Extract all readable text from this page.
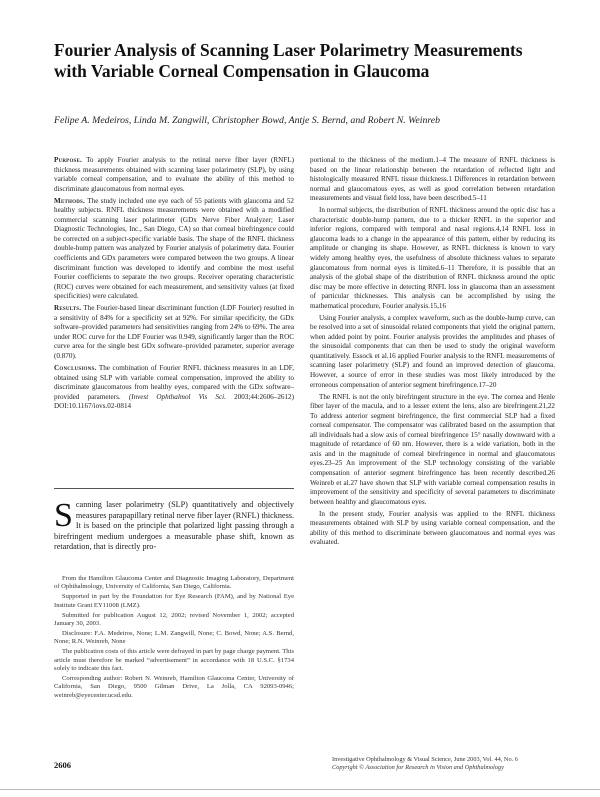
Fourier Analysis of Scanning Laser Polarimetry Measurements with Variable Corneal Compensation in Glaucoma

Felipe A. Medeiros, Linda M. Zangwill, Christopher Bowd, Antje S. Bernd, and Robert N. Weinreb

Purpose. To apply Fourier analysis to the retinal nerve fiber layer (RNFL) thickness measurements obtained with scanning laser polarimetry (SLP), by using variable corneal compensation, and to evaluate the ability of this method to discriminate glaucomatous from normal eyes.

Methods. The study included one eye each of 55 patients with glaucoma and 52 healthy subjects. RNFL thickness measurements were obtained with a modified commercial scanning laser polarimeter (GDx Nerve Fiber Analyzer; Laser Diagnostic Technologies, Inc., San Diego, CA) so that corneal birefringence could be corrected on a subject-specific variable basis. The shape of the RNFL thickness double-hump pattern was analyzed by Fourier analysis of polarimetry data. Fourier coefficients and GDx parameters were compared between the two groups. A linear discriminant function was developed to identify and combine the most useful Fourier coefficients to separate the two groups. Receiver operating characteristic (ROC) curves were obtained for each measurement, and sensitivity values (at fixed specificities) were calculated.

Results. The Fourier-based linear discriminant function (LDF Fourier) resulted in a sensitivity of 84% for a specificity set at 92%. For similar specificity, the GDx software–provided parameters had sensitivities ranging from 24% to 69%. The area under ROC curve for the LDF Fourier was 0.949, significantly larger than the ROC curve area for the single best GDx software–provided parameter, superior average (0.870).

Conclusions. The combination of Fourier RNFL thickness measures in an LDF, obtained using SLP with variable corneal compensation, improved the ability to discriminate glaucomatous from healthy eyes, compared with the GDx software–provided parameters. (Invest Ophthalmol Vis Sci. 2003;44:2606–2612) DOI:10.1167/iovs.02-0814

Scanning laser polarimetry (SLP) quantitatively and objectively measures parapapillary retinal nerve fiber layer (RNFL) thickness. It is based on the principle that polarized light passing through a birefringent medium undergoes a measurable phase shift, known as retardation, that is directly pro-

From the Hamilton Glaucoma Center and Diagnostic Imaging Laboratory, Department of Ophthalmology, University of California, San Diego, California.

Supported in part by the Foundation for Eye Research (FAM), and by National Eye Institute Grant EY11008 (LMZ).

Submitted for publication August 12, 2002; revised November 1, 2002; accepted January 30, 2003.

Disclosure: F.A. Medeiros, None; L.M. Zangwill, None; C. Bowd, None; A.S. Bernd, None; R.N. Weinreb, None

The publication costs of this article were defrayed in part by page charge payment. This article must therefore be marked “advertisement” in accordance with 18 U.S.C. §1734 solely to indicate this fact.

Corresponding author: Robert N. Weinreb, Hamilton Glaucoma Center, University of California, San Diego, 9500 Gilman Drive, La Jolla, CA 92093-0946; weinreb@eyecenter.ucsd.edu.

portional to the thickness of the medium.1–4 The measure of RNFL thickness is based on the linear relationship between the retardation of reflected light and histologically measured RNFL tissue thickness.1 Differences in retardation between normal and glaucomatous eyes, as well as good correlation between retardation measurements and visual field loss, have been described.5–11

In normal subjects, the distribution of RNFL thickness around the optic disc has a characteristic double-hump pattern, due to a thicker RNFL in the superior and inferior regions, compared with temporal and nasal regions.4,14 RNFL loss in glaucoma leads to a change in the appearance of this pattern, either by reducing its amplitude or changing its shape. However, as RNFL thickness is known to vary widely among healthy eyes, the usefulness of absolute thickness values to separate glaucomatous from normal eyes is limited.6–11 Therefore, it is possible that an analysis of the global shape of the distribution of RNFL thickness around the optic disc may be more effective in detecting RNFL loss in glaucoma than an assessment of particular thicknesses. This analysis can be accomplished by using the mathematical procedure, Fourier analysis.15,16

Using Fourier analysis, a complex waveform, such as the double-hump curve, can be resolved into a set of sinusoidal related components that yield the original pattern, when added point by point. Fourier analysis provides the amplitudes and phases of the sinusoidal components that can then be used to study the original waveform quantitatively. Essock et al.16 applied Fourier analysis to the RNFL measurements of scanning laser polarimetry (SLP) and found an improved detection of glaucoma. However, a source of error in these studies was most likely introduced by the erroneous compensation of anterior segment birefringence.17–20

The RNFL is not the only birefringent structure in the eye. The cornea and Henle fiber layer of the macula, and to a lesser extent the lens, also are birefringent.21,22 To address anterior segment birefringence, the first commercial SLP had a fixed corneal compensator. The compensator was calibrated based on the assumption that all individuals had a slow axis of corneal birefringence 15° nasally downward with a magnitude of retardance of 60 nm. However, there is a wide variation, both in the axis and in the magnitude of corneal birefringence in normal and glaucomatous eyes.23–25 An improvement of the SLP technology consisting of the variable compensation of anterior segment birefringence has been recently described.26 Weinreb et al.27 have shown that SLP with variable corneal compensation results in improvement of the sensitivity and specificity of several parameters to discriminate between healthy and glaucomatous eyes.

In the present study, Fourier analysis was applied to the RNFL thickness measurements obtained with SLP by using variable corneal compensation, and the ability of this method to discriminate between glaucomatous and normal eyes was evaluated.

2606

Investigative Ophthalmology & Visual Science, June 2003, Vol. 44, No. 6

Copyright © Association for Research in Vision and Ophthalmology
